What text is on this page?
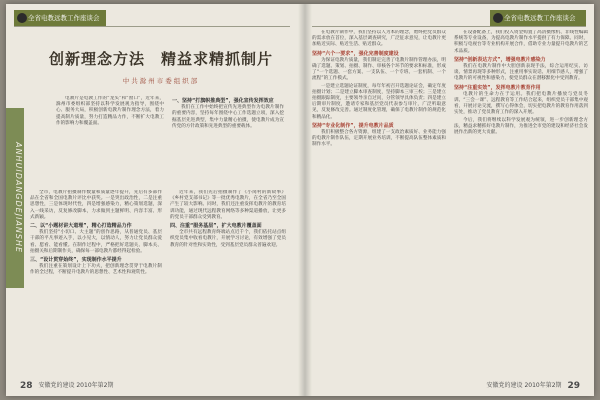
全省电教远教工作座谈会
ANHUIDANGDEJIANSHE
创新理念方法　精益求精抓制片
中共滁州市委组织部

电教片是电教工作的“龙头”和“窗口”，近年来，滁州市委组织部坚持以科学发展观为指导，围绕中心、服务大局，积极创新电教片制作理念方法，着力提高制片质量，努力打造精品力作，不断扩大电教工作的影响力和覆盖面。

一、坚持“打旗帜推典型”，强化宣传发挥效应

我们在工作中始终把宣传先进典型作为电教片制作的重要内容，坚持每年围绕中心工作选题立项，深入挖掘基层先进典型，集中力量精心拍摄，使电教片成为宣传党的方针政策和先进典型的重要载体。

全市，电教片拍摄制作数量和质量逐年提升，先后有多部作品在全省和全国电教片评比中获奖。一是突出政治性，二是注重思想性，三是体现时代性，四是增强感染力，精心策划选题，深入一线采访，反复修改脚本，力求做到主题鲜明、内容丰富、形式新颖。

二、以“小题材讲大道理”，精心打造精品力作

我们坚持“小切口、大主题”的创作思路，从普通党员、基层干部的平凡事迹入手，以小见大，以情动人，努力让党员群众爱看、愿看、能看懂。在制作过程中，严格把好选题关、脚本关、拍摄关和后期制作关，确保每一部电教片都经得起检验。

三、“设计贯穿始终”，实现制作水平提升

我们注重在策划设计上下功夫，把创新理念贯穿于电教片制作的全过程，不断提升电教片的思想性、艺术性和观赏性。

近年来，我们先后拍摄制作了《小岗村的新故事》《乡村党支部书记》等一批优秀电教片，在全省乃至全国产生了较大影响。同时，我们还注重发挥电教片的教育培训功能，通过现代远程教育网络等多种渠道播放，让更多的党员干部群众受到教育。

四、注重“服务基层”，扩大电教片覆盖面

全市共有远程教育终端站点近千个，我们依托站点组织党员集中收看电教片，开展学习讨论，有效增强了党员教育的针对性和实效性，受到基层党员群众普遍欢迎。

28 安徽党的建设 2010年第2期
全省电教远教工作座谈会

在电教片制作中，我们坚持以人为本的理念，始终把党员群众的需求放在首位，深入基层调查研究，广泛征求意见，让电教片更加贴近实际、贴近生活、贴近群众。

坚持“六个一要求”，强化完善制度建设

为保证电教片质量，我们制定完善了电教片制作管理办法，明确了选题、策划、拍摄、制作、审核各个环节的要求和标准，形成了“一个选题、一套方案、一支队伍、一个专班、一套机制、一个流程”的工作模式。

一是建立选题论证制度，每年年初召开选题论证会，确定年度拍摄计划；二是建立脚本审查制度，坚持脚本三审三校；三是建立拍摄跟踪制度，主要领导亲自过问，分管领导具体负责；四是建立后期审片制度，邀请专家和基层党员代表参与审片，广泛听取意见，反复修改完善。通过制度化管理，确保了电教片制作的规范化和精品化。

坚持“专业化制作”，提升电教片品质

我们积极整合各方资源，组建了一支政治素质好、业务能力强的电教片制作队伍，定期开展业务培训，不断提高队伍整体素质和制作水平。

在设备配备上，我们投入资金购置了高清摄像机、非线性编辑系统等专业设备，为提高电教片制作水平提供了有力保障。同时，积极与电视台等专业机构开展合作，借助专业力量提升电教片的艺术品质。

坚持“创新表达方式”，增强电教片感染力

我们在电教片制作中大胆创新表现手法，综合运用纪实、访谈、情景再现等多种形式，注重用事实说话、用细节感人，增强了电教片的可视性和感染力，使党员群众在潜移默化中受到教育。

坚持“注重实效”，发挥电教片教育作用

电教片的生命力在于运用。我们把电教片播放与党员冬训、“三会一课”、远程教育等工作结合起来，组织党员干部集中观看，开展讨论交流，撰写心得体会，切实把电教片的教育作用落到实处，推动了党员教育工作的深入开展。

今后，我们将继续以科学发展观为统领，进一步创新理念方法，精益求精抓好电教片制作，为推进全市党的建设和经济社会发展作出新的更大贡献。

安徽党的建设 2010年第2期 29
